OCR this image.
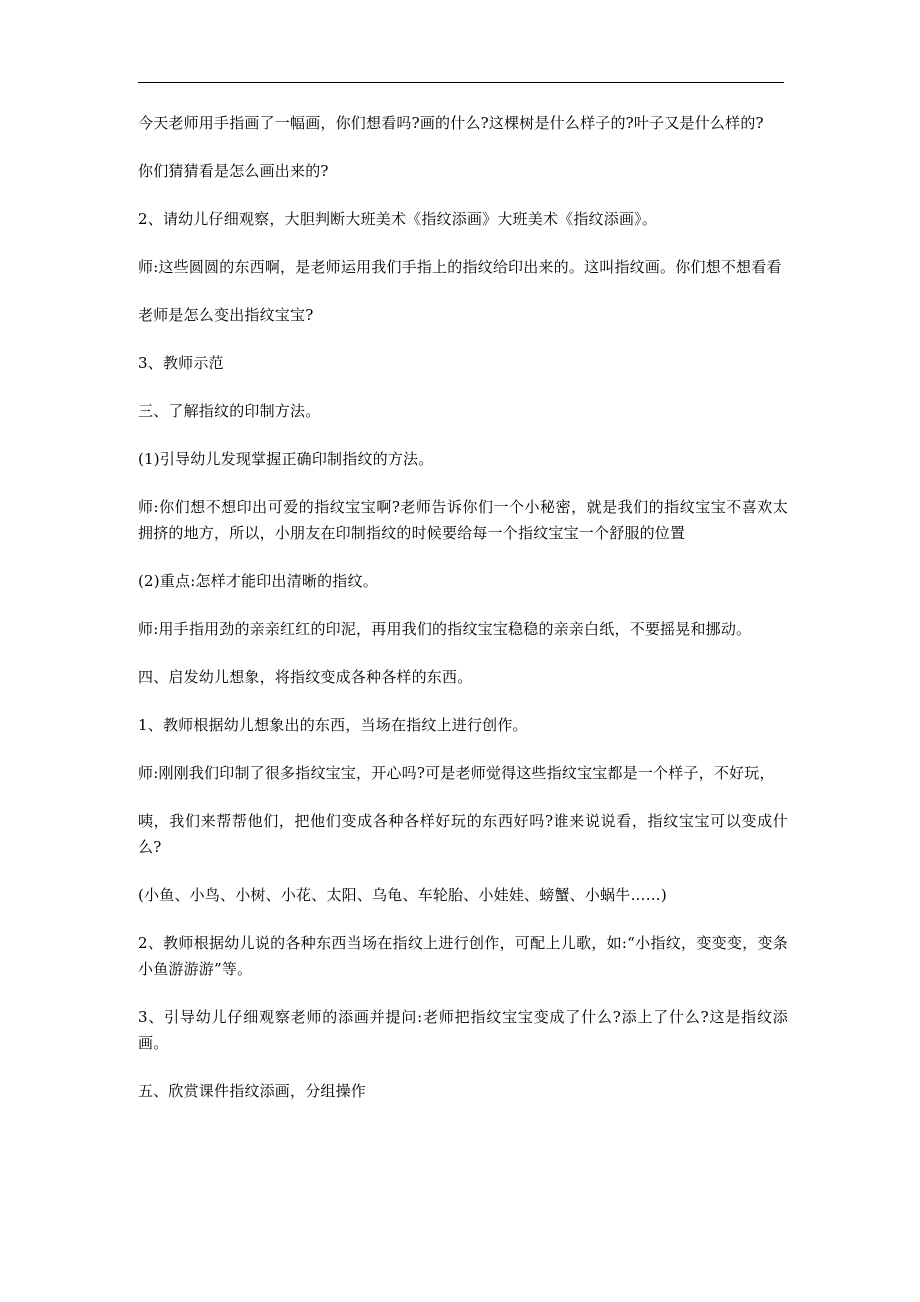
今天老师用手指画了一幅画，你们想看吗?画的什么?这棵树是什么样子的?叶子又是什么样的?

你们猜猜看是怎么画出来的?

2、请幼儿仔细观察，大胆判断大班美术《指纹添画》大班美术《指纹添画》。

师:这些圆圆的东西啊，是老师运用我们手指上的指纹给印出来的。这叫指纹画。你们想不想看看

老师是怎么变出指纹宝宝?

3、教师示范

三、了解指纹的印制方法。

(1)引导幼儿发现掌握正确印制指纹的方法。

师:你们想不想印出可爱的指纹宝宝啊?老师告诉你们一个小秘密，就是我们的指纹宝宝不喜欢太拥挤的地方，所以，小朋友在印制指纹的时候要给每一个指纹宝宝一个舒服的位置

(2)重点:怎样才能印出清晰的指纹。

师:用手指用劲的亲亲红红的印泥，再用我们的指纹宝宝稳稳的亲亲白纸，不要摇晃和挪动。

四、启发幼儿想象，将指纹变成各种各样的东西。

1、教师根据幼儿想象出的东西，当场在指纹上进行创作。

师:刚刚我们印制了很多指纹宝宝，开心吗?可是老师觉得这些指纹宝宝都是一个样子，不好玩，

咦，我们来帮帮他们，把他们变成各种各样好玩的东西好吗?谁来说说看，指纹宝宝可以变成什么?

(小鱼、小鸟、小树、小花、太阳、乌龟、车轮胎、小娃娃、螃蟹、小蜗牛……)

2、教师根据幼儿说的各种东西当场在指纹上进行创作，可配上儿歌，如:“小指纹，变变变，变条小鱼游游游”等。

3、引导幼儿仔细观察老师的添画并提问:老师把指纹宝宝变成了什么?添上了什么?这是指纹添画。

五、欣赏课件指纹添画，分组操作
